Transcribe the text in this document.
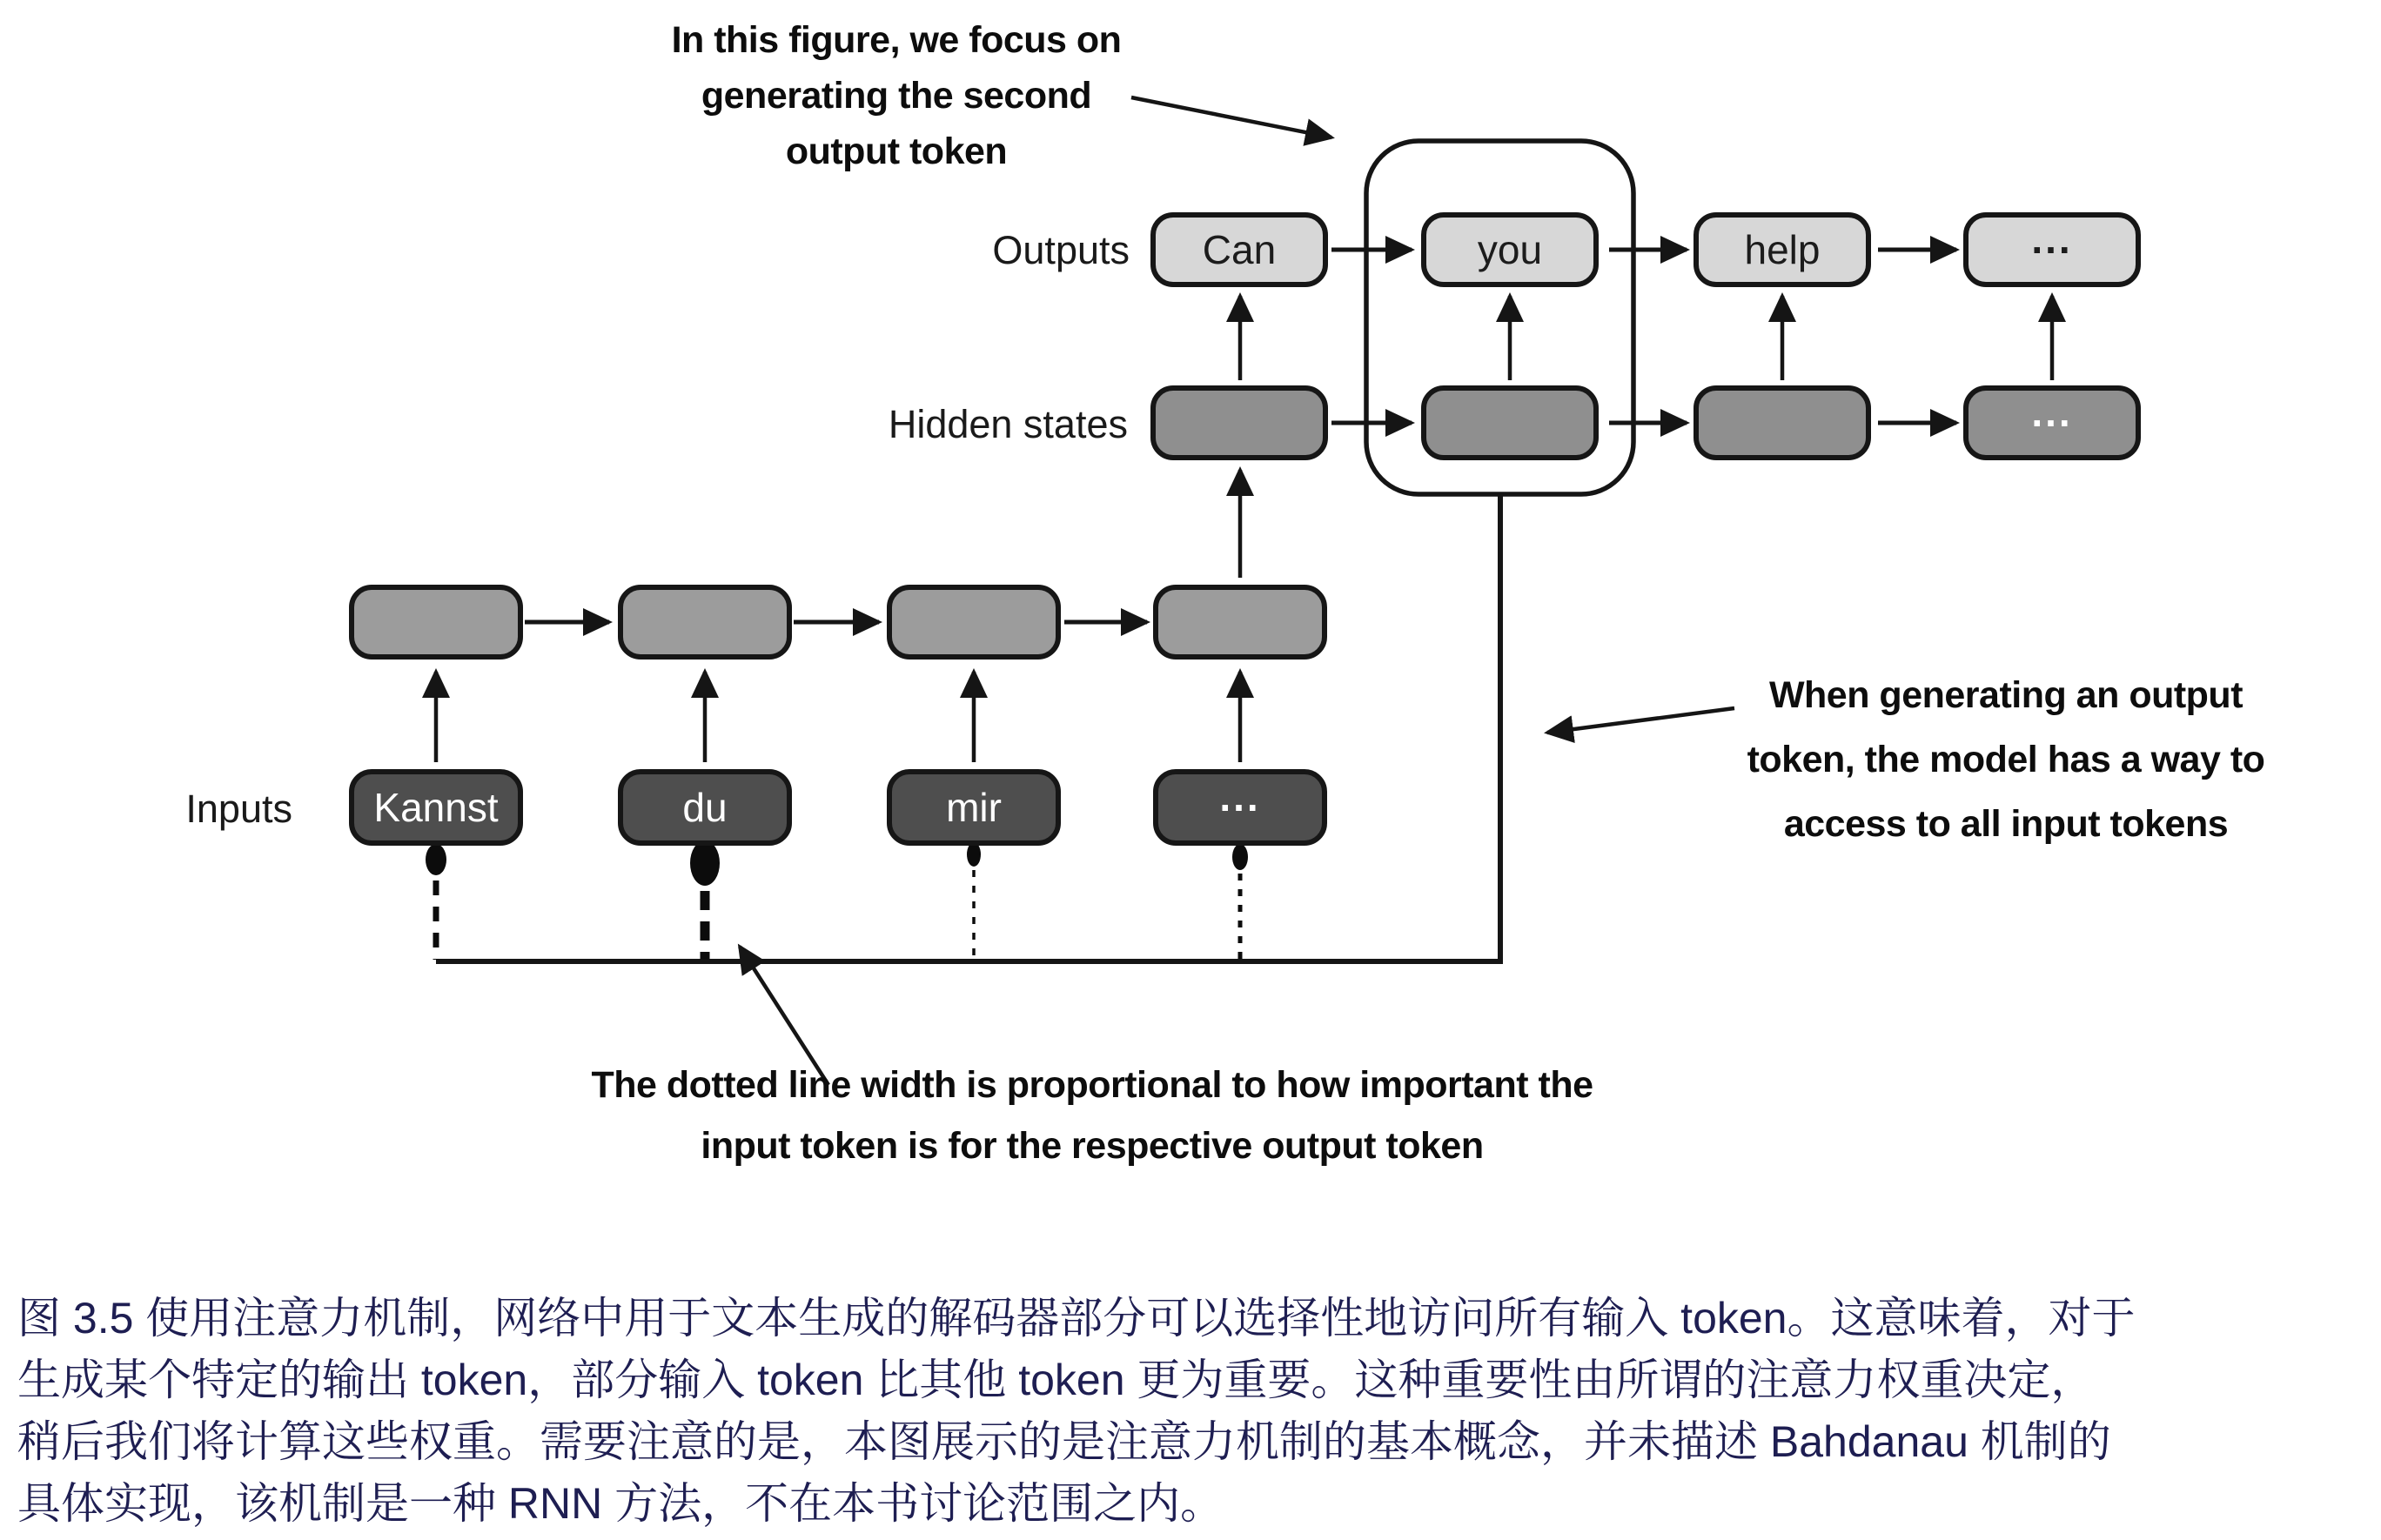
Outputs
Hidden states
Inputs
Can	you	help	...
...
Kannst	du	mir	...
In this figure, we focus on
generating the second
output token
When generating an output
token, the model has a way to
access to all input tokens
The dotted line width is proportional to how important the
input token is for the respective output token
图 3.5 使用注意力机制，网络中用于文本生成的解码器部分可以选择性地访问所有输入 token。这意味着，对于
生成某个特定的输出 token，部分输入 token 比其他 token 更为重要。这种重要性由所谓的注意力权重决定，
稍后我们将计算这些权重。需要注意的是，本图展示的是注意力机制的基本概念，并未描述 Bahdanau 机制的
具体实现，该机制是一种 RNN 方法，不在本书讨论范围之内。
